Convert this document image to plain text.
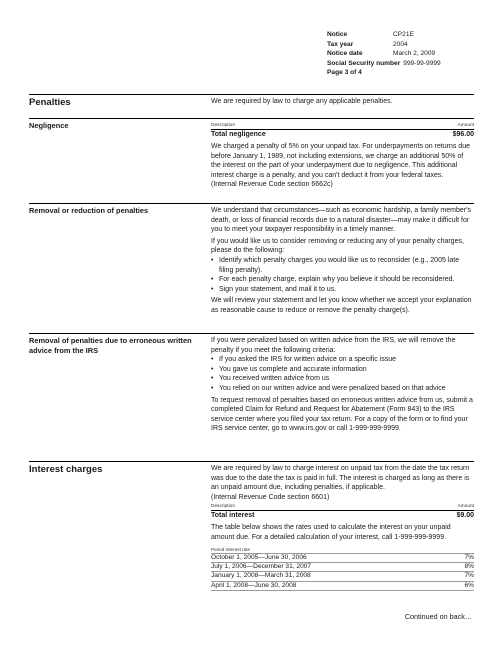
Notice	CP21E
Tax year	2004
Notice date	March 2, 2009
Social Security number 999-99-9999
Page 3 of 4
Penalties	We are required by law to charge any applicable penalties.
Negligence	Description	Amount
Total negligence	$96.00
We charged a penalty of 5% on your unpaid tax. For underpayments on returns due before January 1, 1989, not including extensions, we charge an additional 50% of the interest on the part of your underpayment due to negligence. This additional interest charge is a penalty, and you can't deduct it from your federal taxes.
(Internal Revenue Code section 6662c)
Removal or reduction of penalties	We understand that circumstances—such as economic hardship, a family member's death, or loss of financial records due to a natural disaster—may make it difficult for you to meet your taxpayer responsibility in a timely manner.
If you would like us to consider removing or reducing any of your penalty charges, please do the following:
• Identify which penalty charges you would like us to reconsider (e.g., 2005 late filing penalty).
• For each penalty charge, explain why you believe it should be reconsidered.
• Sign your statement, and mail it to us.
We will review your statement and let you know whether we accept your explanation as reasonable cause to reduce or remove the penalty charge(s).
Removal of penalties due to erroneous written advice from the IRS
If you were penalized based on written advice from the IRS, we will remove the penalty if you meet the following criteria:
• If you asked the IRS for written advice on a specific issue
• You gave us complete and accurate information
• You received written advice from us
• You relied on our written advice and were penalized based on that advice
To request removal of penalties based on erroneous written advice from us, submit a completed Claim for Refund and Request for Abatement (Form 843) to the IRS service center where you filed your tax return. For a copy of the form or to find your IRS service center, go to www.irs.gov or call 1-999-999-9999.
Interest charges	We are required by law to charge interest on unpaid tax from the date the tax return was due to the date the tax is paid in full. The interest is charged as long as there is an unpaid amount due, including penalties, if applicable.
(Internal Revenue Code section 6601)
Description	Amount
Total interest	$9.00
The table below shows the rates used to calculate the interest on your unpaid amount due. For a detailed calculation of your interest, call 1-999-999-9999.
Period Interest rate
October 1, 2005—June 30, 2006	7%
July 1, 2006—December 31, 2007	8%
January 1, 2008—March 31, 2008	7%
April 1, 2008—June 30, 2008	6%
Continued on back…
